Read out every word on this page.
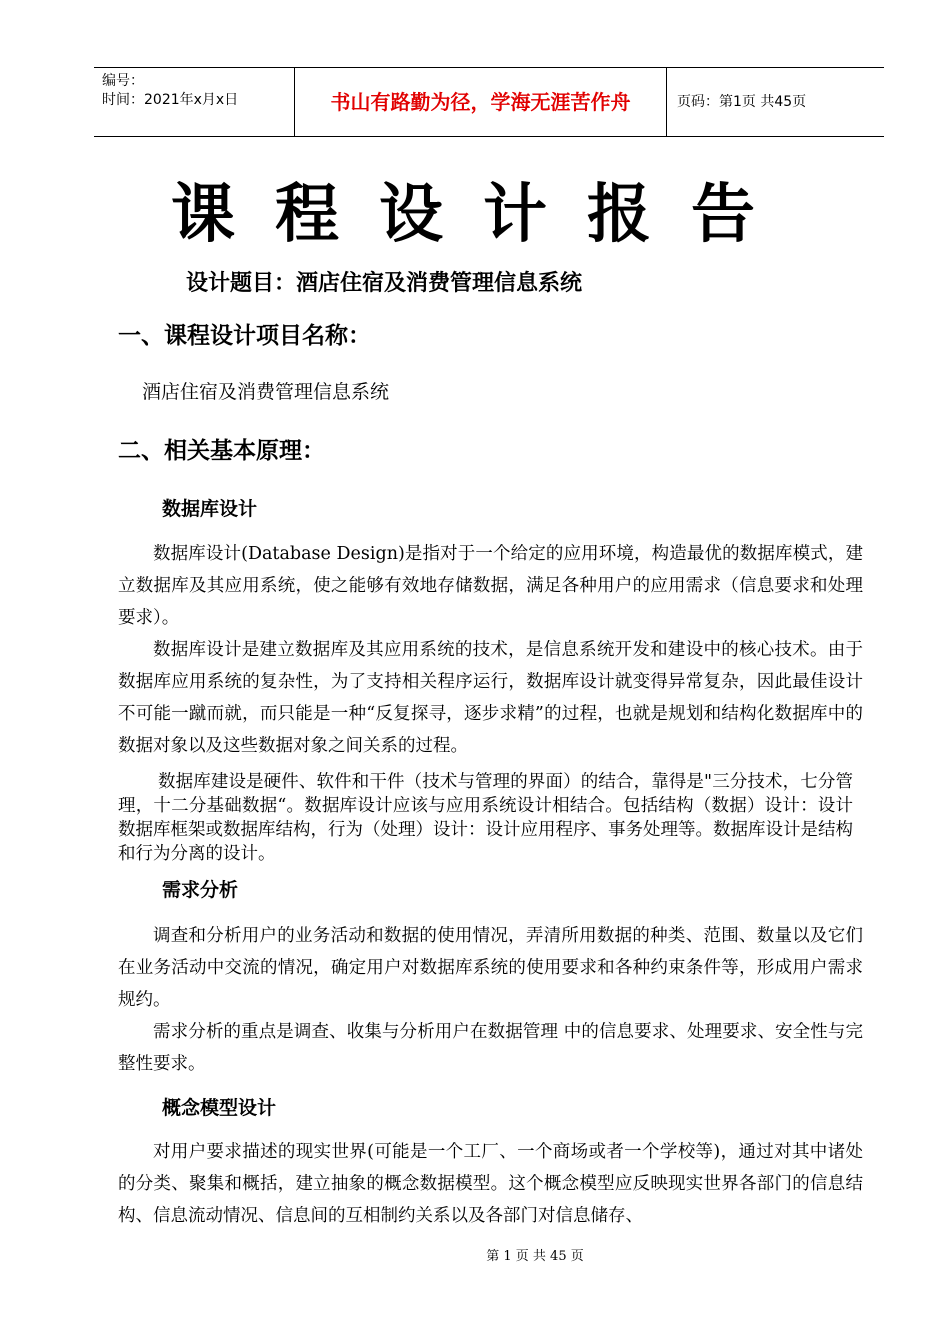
编号：
时间：2021年x月x日	书山有路勤为径，学海无涯苦作舟	页码：第1页 共45页
课程设计报告
设计题目：酒店住宿及消费管理信息系统
一、课程设计项目名称：
酒店住宿及消费管理信息系统
二、相关基本原理：
数据库设计

数据库设计(Database Design)是指对于一个给定的应用环境，构造最优的数据库模式，建立数据库及其应用系统，使之能够有效地存储数据，满足各种用户的应用需求（信息要求和处理要求）。

数据库设计是建立数据库及其应用系统的技术，是信息系统开发和建设中的核心技术。由于数据库应用系统的复杂性，为了支持相关程序运行，数据库设计就变得异常复杂，因此最佳设计不可能一蹴而就，而只能是一种“反复探寻，逐步求精”的过程，也就是规划和结构化数据库中的数据对象以及这些数据对象之间关系的过程。

数据库建设是硬件、软件和干件（技术与管理的界面）的结合，靠得是"三分技术，七分管理，十二分基础数据“。数据库设计应该与应用系统设计相结合。包括结构（数据）设计：设计数据库框架或数据库结构，行为（处理）设计：设计应用程序、事务处理等。数据库设计是结构和行为分离的设计。

需求分析

调查和分析用户的业务活动和数据的使用情况，弄清所用数据的种类、范围、数量以及它们在业务活动中交流的情况，确定用户对数据库系统的使用要求和各种约束条件等，形成用户需求规约。

需求分析的重点是调查、收集与分析用户在数据管理 中的信息要求、处理要求、安全性与完整性要求。

概念模型设计

对用户要求描述的现实世界(可能是一个工厂、一个商场或者一个学校等)，通过对其中诸处的分类、聚集和概括，建立抽象的概念数据模型。这个概念模型应反映现实世界各部门的信息结构、信息流动情况、信息间的互相制约关系以及各部门对信息储存、

第 1 页 共 45 页
